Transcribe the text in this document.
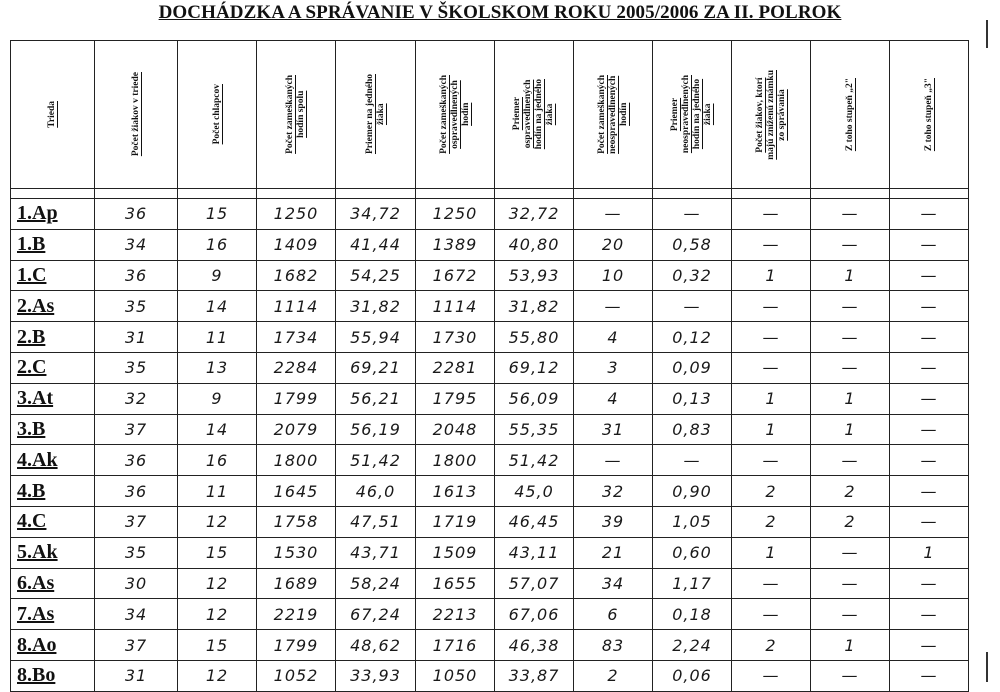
DOCHÁDZKA A SPRÁVANIE V ŠKOLSKOM ROKU 2005/2006 ZA II. POLROK
Trieda	Počet žiakov v triede	Počet chlapcov	Počet zameškaných
hodín spolu	Priemer na jedného
žiaka	Počet zameškaných
ospravedlnených
hodín	Priemer
ospravedlnených
hodín na jedného
žiaka	Počet zameškaných
neospravedlnených
hodín	Priemer
neospravedlnených
hodín na jedného
žiaka	Počet žiakov, ktorí
majú zníženú známku
zo správania	Z toho stupeň „2"	Z toho stupeň „3"

1.Ap	36	15	1250	34,72	1250	32,72	—	—	—	—	—
1.B	34	16	1409	41,44	1389	40,80	20	0,58	—	—	—
1.C	36	9	1682	54,25	1672	53,93	10	0,32	1	1	—
2.As	35	14	1114	31,82	1114	31,82	—	—	—	—	—
2.B	31	11	1734	55,94	1730	55,80	4	0,12	—	—	—
2.C	35	13	2284	69,21	2281	69,12	3	0,09	—	—	—
3.At	32	9	1799	56,21	1795	56,09	4	0,13	1	1	—
3.B	37	14	2079	56,19	2048	55,35	31	0,83	1	1	—
4.Ak	36	16	1800	51,42	1800	51,42	—	—	—	—	—
4.B	36	11	1645	46,0	1613	45,0	32	0,90	2	2	—
4.C	37	12	1758	47,51	1719	46,45	39	1,05	2	2	—
5.Ak	35	15	1530	43,71	1509	43,11	21	0,60	1	—	1
6.As	30	12	1689	58,24	1655	57,07	34	1,17	—	—	—
7.As	34	12	2219	67,24	2213	67,06	6	0,18	—	—	—
8.Ao	37	15	1799	48,62	1716	46,38	83	2,24	2	1	—
8.Bo	31	12	1052	33,93	1050	33,87	2	0,06	—	—	—
